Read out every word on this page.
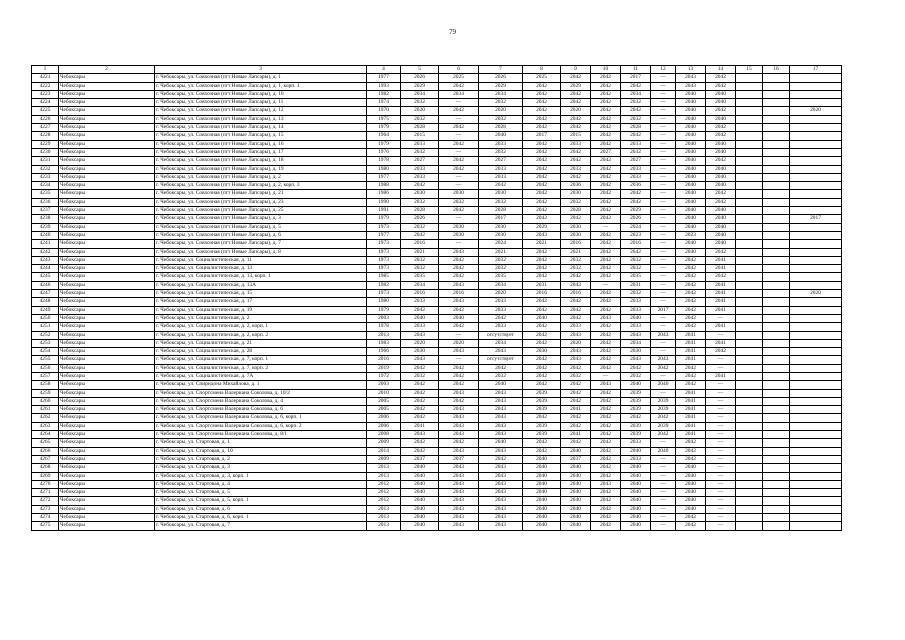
79
1	2	3	4	5	6	7	8	9	10	11	12	13	14	15	16	17
4221	Чебоксары	г. Чебоксары, ул. Совхозная (пгт Новые Лапсары), д. 1	1977	2026	2025	2026	2025	2042	2042	2017	—	2043	2042			
4222	Чебоксары	г. Чебоксары, ул. Совхозная (пгт Новые Лапсары), д. 1, корп. 1	1993	2029	2042	2029	2042	2029	2042	2042	—	2043	2042			
4223	Чебоксары	г. Чебоксары, ул. Совхозная (пгт Новые Лапсары), д. 10	1982	2034	2034	2034	2042	2042	2042	2034	—	2040	2040			
4224	Чебоксары	г. Чебоксары, ул. Совхозная (пгт Новые Лапсары), д. 11	1974	2032	—	2032	2042	2042	2042	2032	—	2040	2040			
4225	Чебоксары	г. Чебоксары, ул. Совхозная (пгт Новые Лапсары), д. 12	1970	2020	2042	2020	2042	2020	2042	2042	—	2040	2042			2020
4226	Чебоксары	г. Чебоксары, ул. Совхозная (пгт Новые Лапсары), д. 13	1975	2032	—	2032	2042	2042	2042	2032	—	2040	2040			
4227	Чебоксары	г. Чебоксары, ул. Совхозная (пгт Новые Лапсары), д. 14	1979	2028	2042	2028	2042	2042	2042	2028	—	2040	2042			
4228	Чебоксары	г. Чебоксары, ул. Совхозная (пгт Новые Лапсары), д. 15	1964	2015	—	2040	2017	2015	2042	2042	—	2040	2042			
4229	Чебоксары	г. Чебоксары, ул. Совхозная (пгт Новые Лапсары), д. 16	1979	2033	2042	2033	2042	2033	2042	2033	—	2040	2040			
4230	Чебоксары	г. Чебоксары, ул. Совхозная (пгт Новые Лапсары), д. 17	1976	2032	—	2032	2042	2042	2027	2032	—	2040	2040			
4231	Чебоксары	г. Чебоксары, ул. Совхозная (пгт Новые Лапсары), д. 18	1978	2027	2042	2027	2042	2042	2042	2027	—	2040	2042			
4232	Чебоксары	г. Чебоксары, ул. Совхозная (пгт Новые Лапсары), д. 19	1980	2033	2042	2033	2042	2033	2042	2033	—	2040	2040			
4233	Чебоксары	г. Чебоксары, ул. Совхозная (пгт Новые Лапсары), д. 2	1977	2033	—	2033	2042	2042	2042	2033	—	2040	2040			
4234	Чебоксары	г. Чебоксары, ул. Совхозная (пгт Новые Лапсары), д. 2, корп. 3	1988	2042	—	2042	2042	2036	2042	2036	—	2040	2040			
4235	Чебоксары	г. Чебоксары, ул. Совхозная (пгт Новые Лапсары), д. 21	1986	2030	2030	2030	2042	2030	2042	2042	—	2040	2042			
4236	Чебоксары	г. Чебоксары, ул. Совхозная (пгт Новые Лапсары), д. 23	1990	2032	2032	2032	2042	2032	2042	2042	—	2040	2042			
4237	Чебоксары	г. Чебоксары, ул. Совхозная (пгт Новые Лапсары), д. 25	1991	2028	2042	2028	2042	2028	2042	2029	—	2040	2040			
4238	Чебоксары	г. Чебоксары, ул. Совхозная (пгт Новые Лапсары), д. 3	1979	2026	—	2017	2042	2042	2042	2026	—	2040	2040			2017
4239	Чебоксары	г. Чебоксары, ул. Совхозная (пгт Новые Лапсары), д. 5	1973	2032	2030	2030	2029	2030	—	2024	—	2040	2040			
4240	Чебоксары	г. Чебоксары, ул. Совхозная (пгт Новые Лапсары), д. 6	1977	2042	2030	2030	2043	2030	2042	2023	—	2023	2040			
4241	Чебоксары	г. Чебоксары, ул. Совхозная (пгт Новые Лапсары), д. 7	1973	2016	—	2024	2021	2016	2042	2016	—	2040	2040			
4242	Чебоксары	г. Чебоксары, ул. Совхозная (пгт Новые Лапсары), д. 8	1973	2021	2043	2021	2042	2021	2042	2042	—	2040	2042			
4243	Чебоксары	г. Чебоксары, ул. Социалистическая, д. 11	1973	2032	2042	2032	2042	2032	2042	2032	—	2042	2041			
4244	Чебоксары	г. Чебоксары, ул. Социалистическая, д. 13	1973	2032	2042	2032	2042	2032	2042	2032	—	2042	2041			
4245	Чебоксары	г. Чебоксары, ул. Социалистическая, д. 13, корп. 1	1985	2035	2042	2035	2042	2042	2042	2035	—	2042	2042			
4246	Чебоксары	г. Чебоксары, ул. Социалистическая, д. 13А	1982	2034	2043	2034	2031	2043	—	2031	—	2042	2041			
4247	Чебоксары	г. Чебоксары, ул. Социалистическая, д. 15	1973	2016	2016	2020	2016	2016	2042	2032	—	2042	2041			2020
4248	Чебоксары	г. Чебоксары, ул. Социалистическая, д. 17	1980	2033	2043	2033	2042	2042	2042	2033	—	2042	2041			
4249	Чебоксары	г. Чебоксары, ул. Социалистическая, д. 19	1979	2042	2042	2033	2042	2042	2042	2033	2017	2042	2041			
4250	Чебоксары	г. Чебоксары, ул. Социалистическая, д. 2	2003	2040	2040	2042	2040	2042	2043	2040	—	2042	—			
4251	Чебоксары	г. Чебоксары, ул. Социалистическая, д. 2, корп. 1	1978	2033	2042	2033	2042	2033	2042	2033	—	2042	2041			
4252	Чебоксары	г. Чебоксары, ул. Социалистическая, д. 2, корп. 2	2013	2043	—	отсутствует	2042	2043	2042	2043	2043	2041	—			
4253	Чебоксары	г. Чебоксары, ул. Социалистическая, д. 21	1983	2020	2020	2034	2042	2020	2042	2034	—	2041	2041			
4254	Чебоксары	г. Чебоксары, ул. Социалистическая, д. 28	1966	2030	2043	2043	2030	2043	2042	2030	—	2041	2042			
4255	Чебоксары	г. Чебоксары, ул. Социалистическая, д. 7, корп. 1	2016	2043	—	отсутствует	2042	2043	2042	2043	2043	2041	—			
4256	Чебоксары	г. Чебоксары, ул. Социалистическая, д. 7, корп. 2	2019	2042	2042	2042	2042	2042	2042	2042	2042	2042	—			
4257	Чебоксары	г. Чебоксары, ул. Социалистическая, д. 7А	1972	2032	2042	2032	2042	2032	—	2032	—	2042	2041			
4258	Чебоксары	г. Чебоксары, ул. Спиридона Михайлова, д. 1	2003	2042	2042	2040	2042	2042	2043	2040	2040	2042	—			
4259	Чебоксары	г. Чебоксары, ул. Спортсмена Валериана Соколова, д. 10/2	2010	2042	2043	2043	2039	2042	2042	2039	—	2041	—			
4260	Чебоксары	г. Чебоксары, ул. Спортсмена Валериана Соколова, д. 4	2005	2042	2042	2043	2039	2042	2042	2039	2039	2041	—			
4261	Чебоксары	г. Чебоксары, ул. Спортсмена Валериана Соколова, д. 6	2005	2042	2043	2043	2039	2041	2042	2039	2039	2041	—			
4262	Чебоксары	г. Чебоксары, ул. Спортсмена Валериана Соколова, д. 6, корп. 1	2006	2042	2043	2043	2042	2042	2042	2042	2042	2041	—			
4263	Чебоксары	г. Чебоксары, ул. Спортсмена Валериана Соколова, д. 6, корп. 2	2006	2041	2043	2043	2039	2042	2042	2039	2039	2041	—			
4264	Чебоксары	г. Чебоксары, ул. Спортсмена Валериана Соколова, д. 8/1	2008	2043	2043	2043	2039	2041	2042	2039	2042	2041	—			
4265	Чебоксары	г. Чебоксары, ул. Стартовая, д. 1	2009	2042	2042	2040	2042	2042	2042	2033	—	2042	—			
4266	Чебоксары	г. Чебоксары, ул. Стартовая, д. 10	2014	2042	2043	2043	2042	2040	2042	2040	2040	2042	—			
4267	Чебоксары	г. Чебоксары, ул. Стартовая, д. 2	2009	2037	2037	2042	2040	2037	2042	2033	—	2042	—			
4268	Чебоксары	г. Чебоксары, ул. Стартовая, д. 3	2013	2040	2043	2043	2040	2040	2042	2040	—	2040	—			
4269	Чебоксары	г. Чебоксары, ул. Стартовая, д. 3, корп. 1	2013	2040	2043	2043	2040	2040	2042	2040	—	2040	—			
4270	Чебоксары	г. Чебоксары, ул. Стартовая, д. 4	2012	2040	2043	2043	2040	2040	2043	2040	—	2040	—			
4271	Чебоксары	г. Чебоксары, ул. Стартовая, д. 5	2012	2040	2043	2043	2040	2040	2042	2040	—	2040	—			
4272	Чебоксары	г. Чебоксары, ул. Стартовая, д. 5, корп. 1	2012	2040	2043	2043	2040	2040	2042	2040	—	2040	—			
4273	Чебоксары	г. Чебоксары, ул. Стартовая, д. 6	2013	2040	2043	2043	2040	2040	2042	2040	—	2040	—			
4274	Чебоксары	г. Чебоксары, ул. Стартовая, д. 6, корп. 1	2013	2040	2043	2043	2040	2040	2042	2040	—	2042	—			
4275	Чебоксары	г. Чебоксары, ул. Стартовая, д. 7	2013	2040	2043	2043	2040	2040	2042	2040	—	2042	—			
